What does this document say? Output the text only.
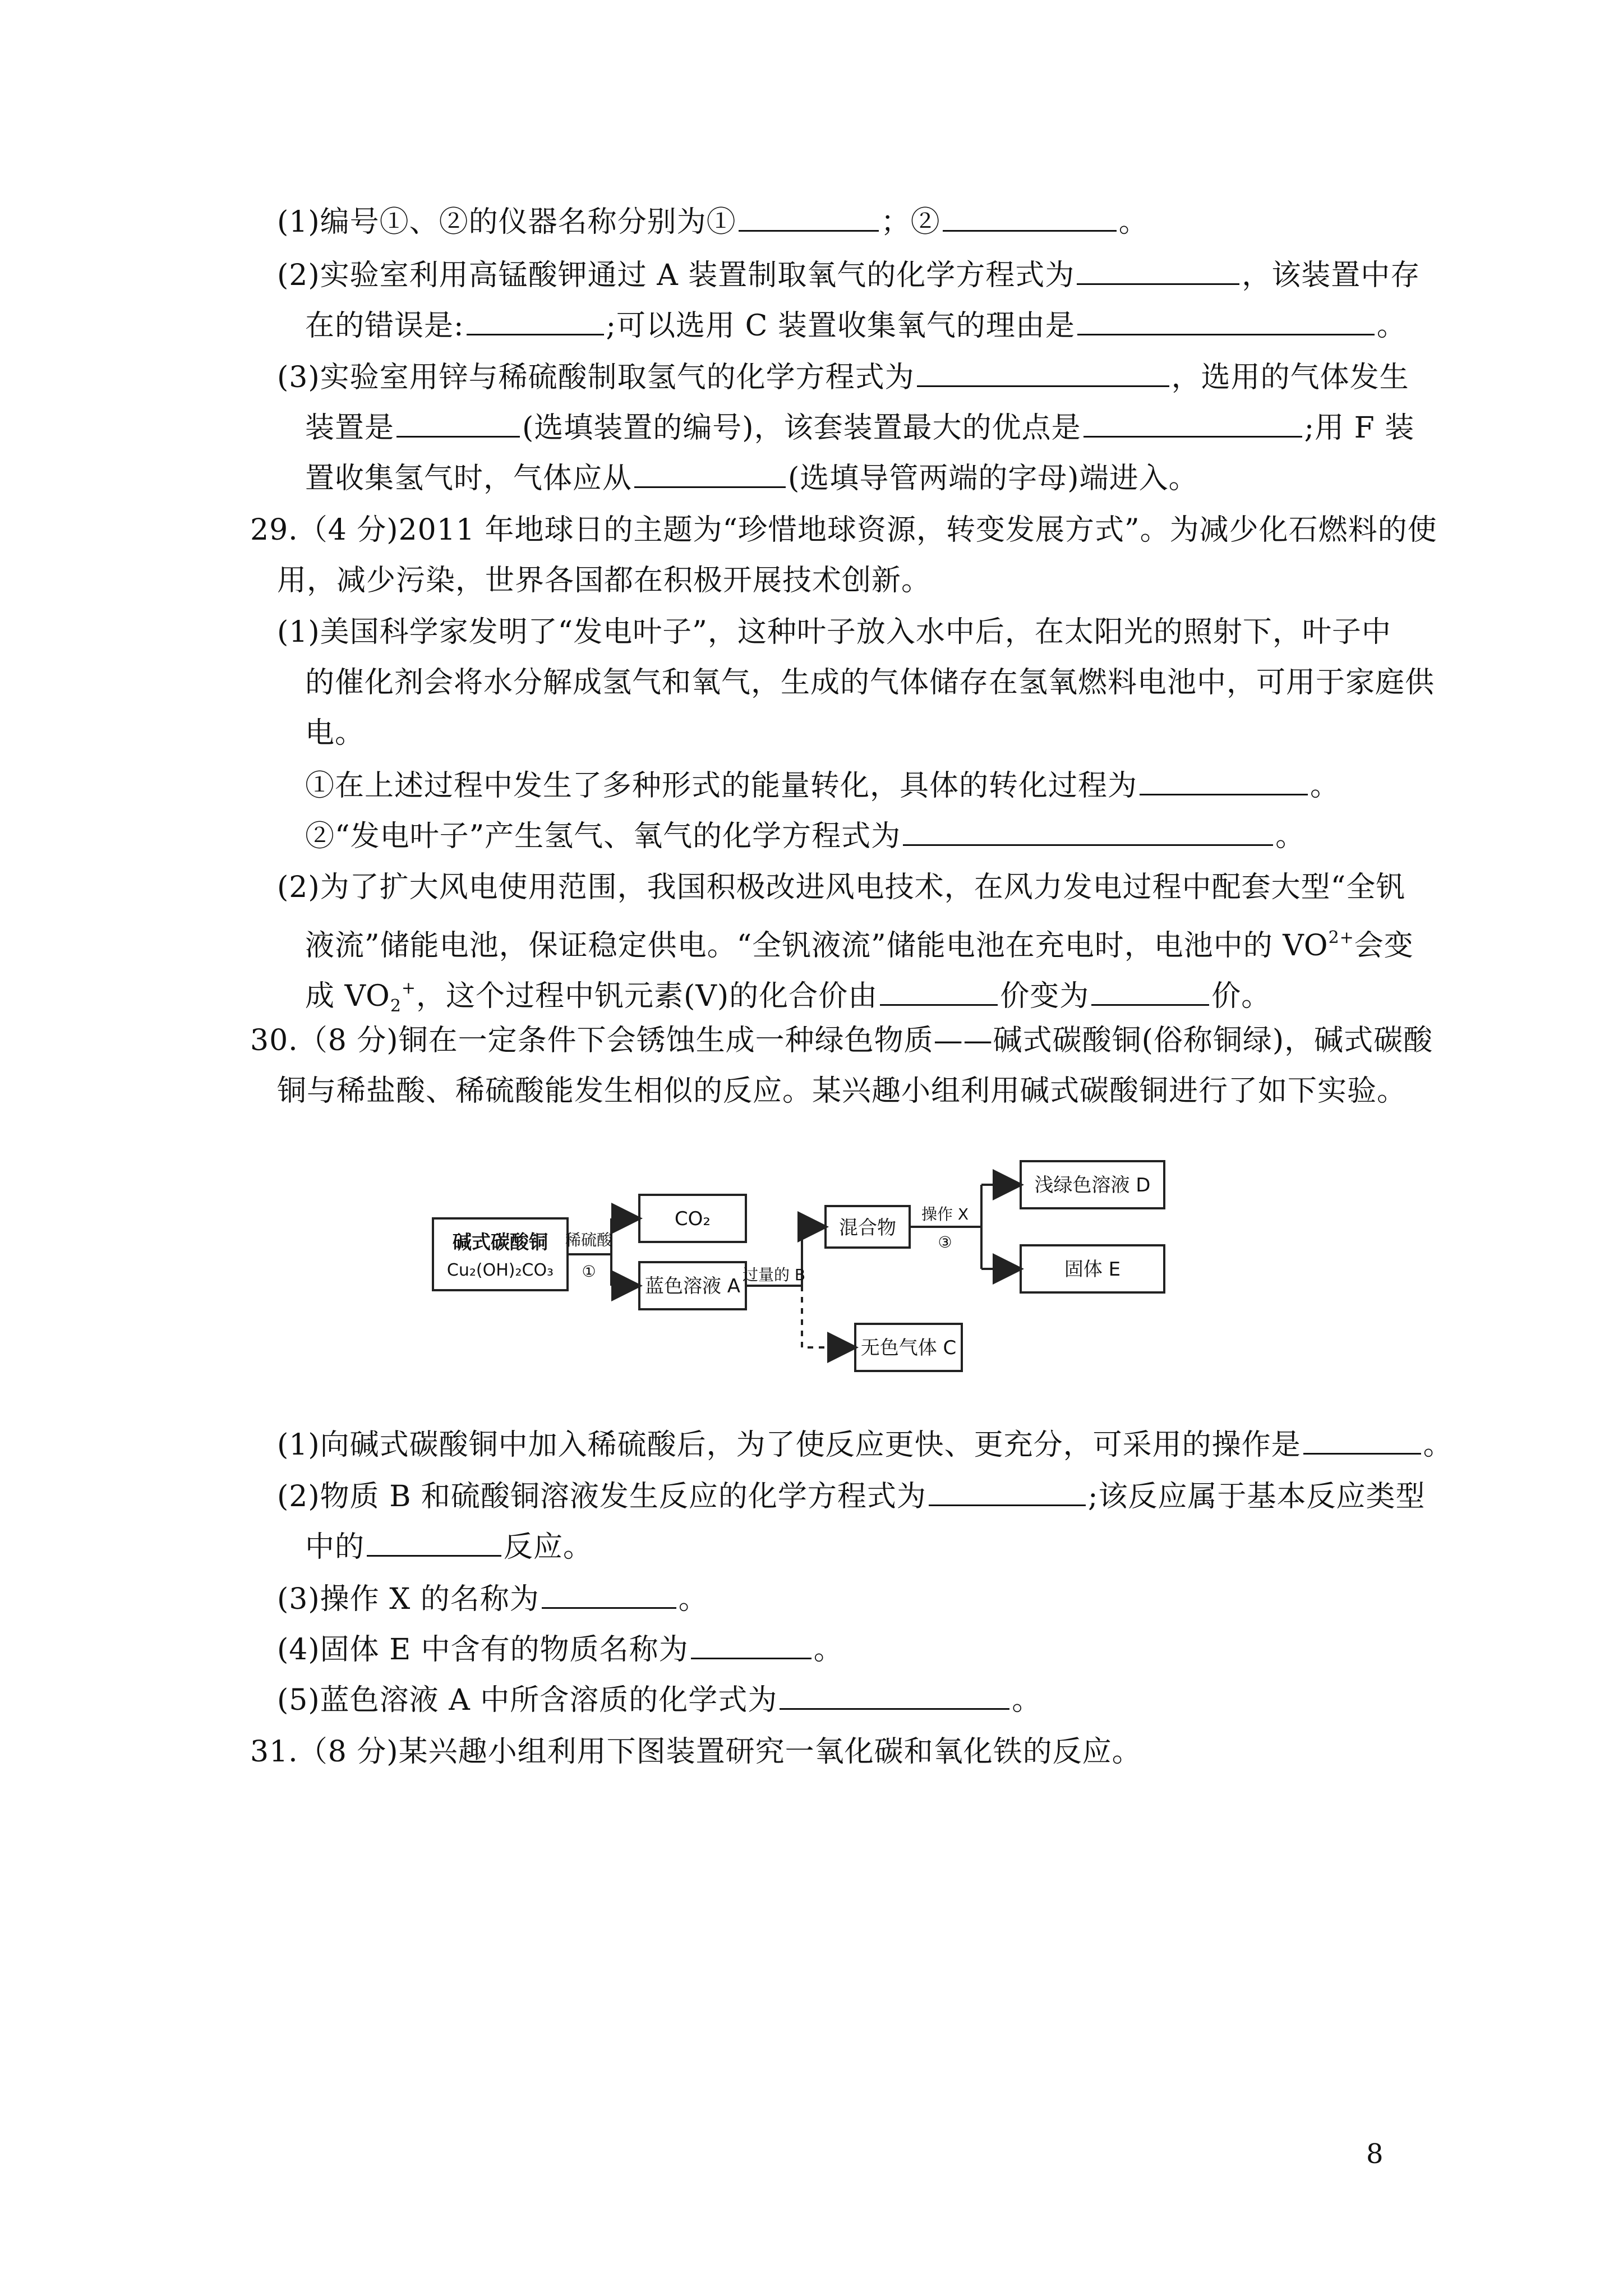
(1)编号①、②的仪器名称分别为①	；②	。
(2)实验室利用高锰酸钾通过 A 装置制取氧气的化学方程式为	，该装置中存
在的错误是:	;可以选用 C 装置收集氧气的理由是	。
(3)实验室用锌与稀硫酸制取氢气的化学方程式为	，选用的气体发生
装置是	(选填装置的编号)，该套装置最大的优点是	;用 F 装
置收集氢气时，气体应从	(选填导管两端的字母)端进入。
29.（4 分)2011 年地球日的主题为“珍惜地球资源，转变发展方式”。为减少化石燃料的使
用，减少污染，世界各国都在积极开展技术创新。
(1)美国科学家发明了“发电叶子”，这种叶子放入水中后，在太阳光的照射下，叶子中
的催化剂会将水分解成氢气和氧气，生成的气体储存在氢氧燃料电池中，可用于家庭供
电。
①在上述过程中发生了多种形式的能量转化，具体的转化过程为	。
②“发电叶子”产生氢气、氧气的化学方程式为	。
(2)为了扩大风电使用范围，我国积极改进风电技术，在风力发电过程中配套大型“全钒
液流”储能电池，保证稳定供电。“全钒液流”储能电池在充电时，电池中的 $VO^{2+}$会变
成 $VO_2^+$，这个过程中钒元素(V)的化合价由	价变为	价。
30.（8 分)铜在一定条件下会锈蚀生成一种绿色物质——碱式碳酸铜(俗称铜绿)，碱式碳酸
铜与稀盐酸、稀硫酸能发生相似的反应。某兴趣小组利用碱式碳酸铜进行了如下实验。
碱式碳酸铜
Cu₂(OH)₂CO₃
稀硫酸
①
CO₂
蓝色溶液 A
过量的 B
混合物
操作 X
③
浅绿色溶液 D
固体 E
无色气体 C
(1)向碱式碳酸铜中加入稀硫酸后，为了使反应更快、更充分，可采用的操作是	。
(2)物质 B 和硫酸铜溶液发生反应的化学方程式为	;该反应属于基本反应类型
中的	反应。
(3)操作 X 的名称为	。
(4)固体 E 中含有的物质名称为	。
(5)蓝色溶液 A 中所含溶质的化学式为	。
31.（8 分)某兴趣小组利用下图装置研究一氧化碳和氧化铁的反应。
8
